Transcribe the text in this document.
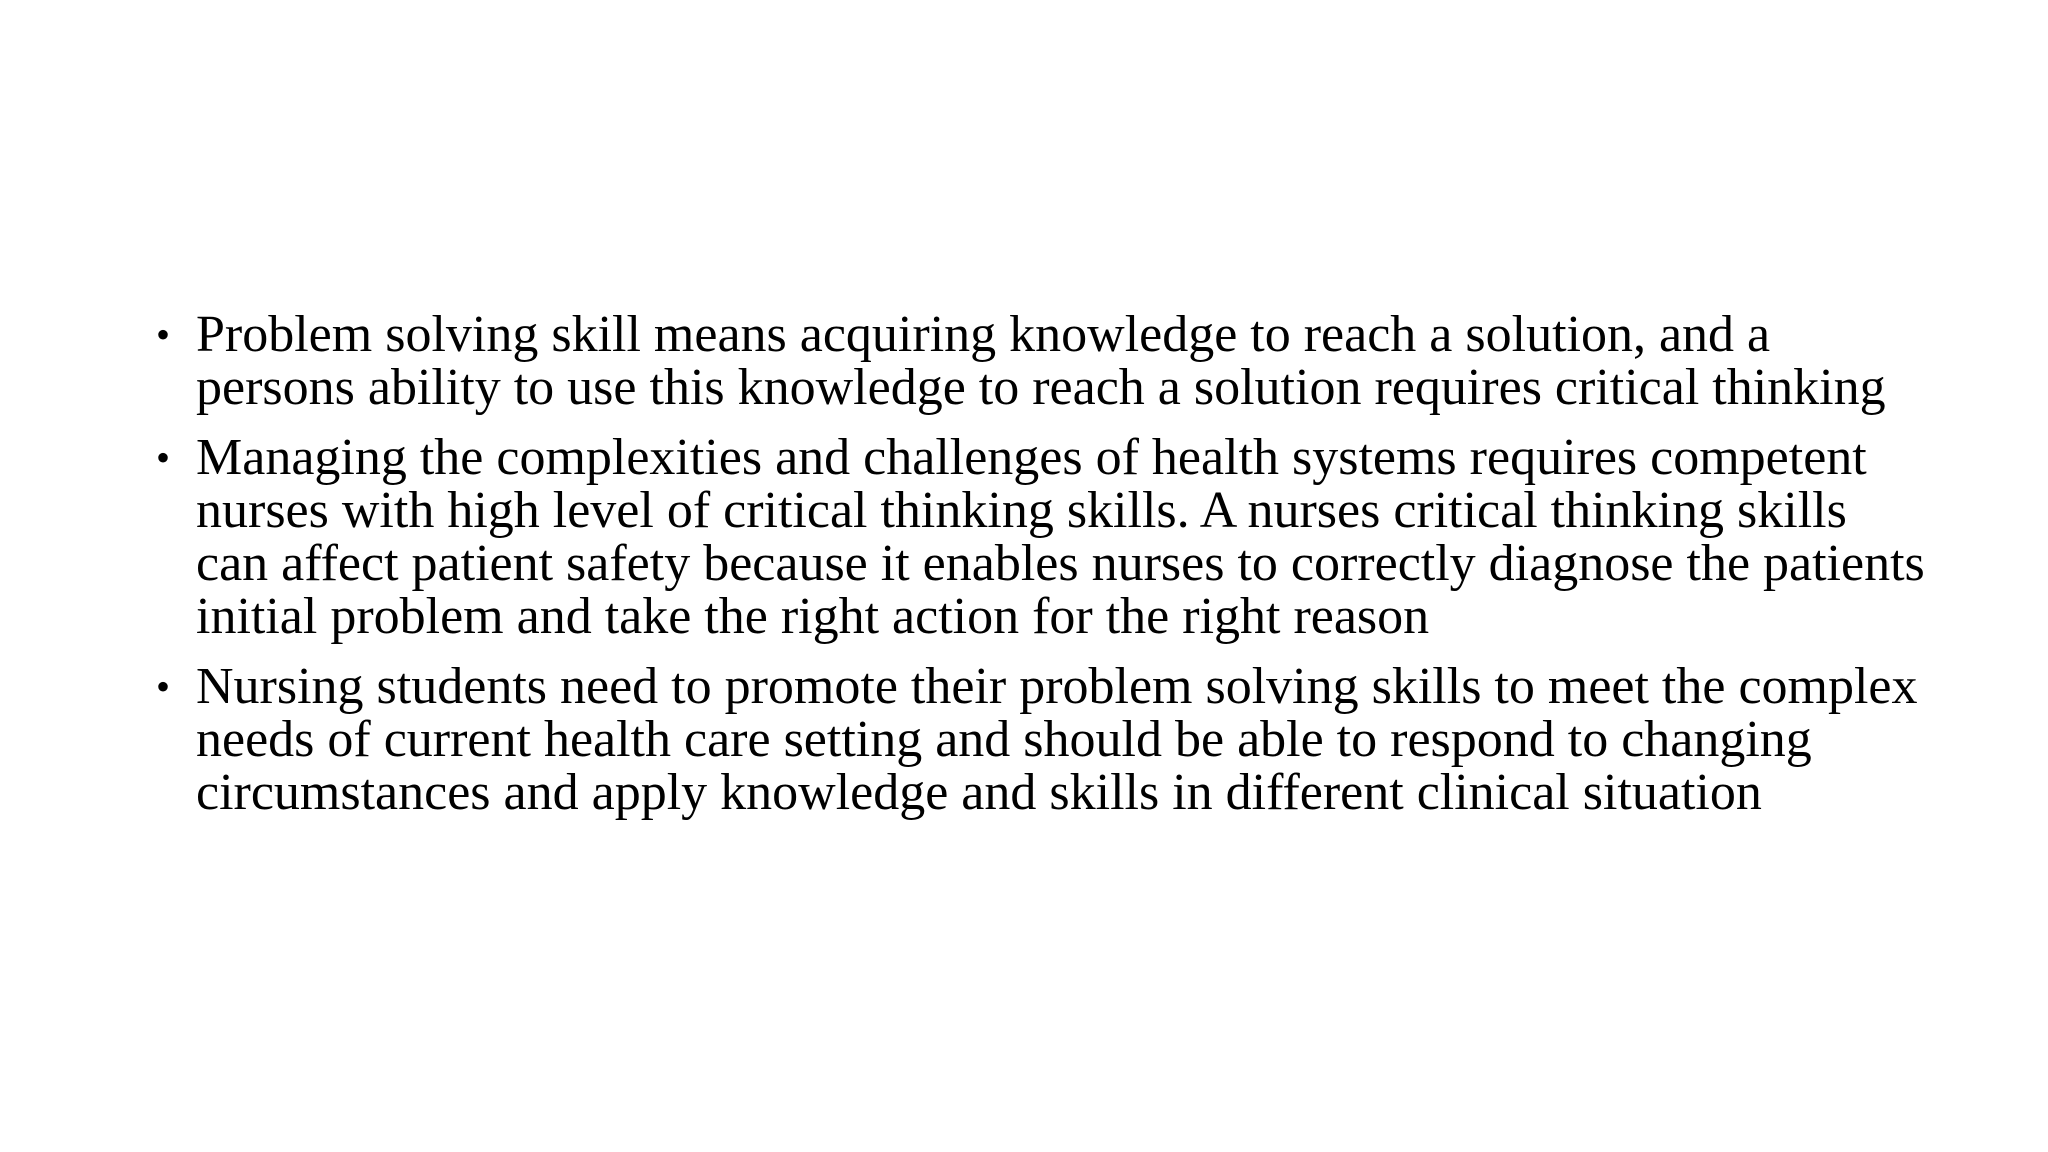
• Problem solving skill means acquiring knowledge to reach a solution, and a persons ability to use this knowledge to reach a solution requires critical thinking
• Managing the complexities and challenges of health systems requires competent nurses with high level of critical thinking skills. A nurses critical thinking skills can affect patient safety because it enables nurses to correctly diagnose the patients initial problem and take the right action for the right reason
• Nursing students need to promote their problem solving skills to meet the complex needs of current health care setting and should be able to respond to changing circumstances and apply knowledge and skills in different clinical situation
